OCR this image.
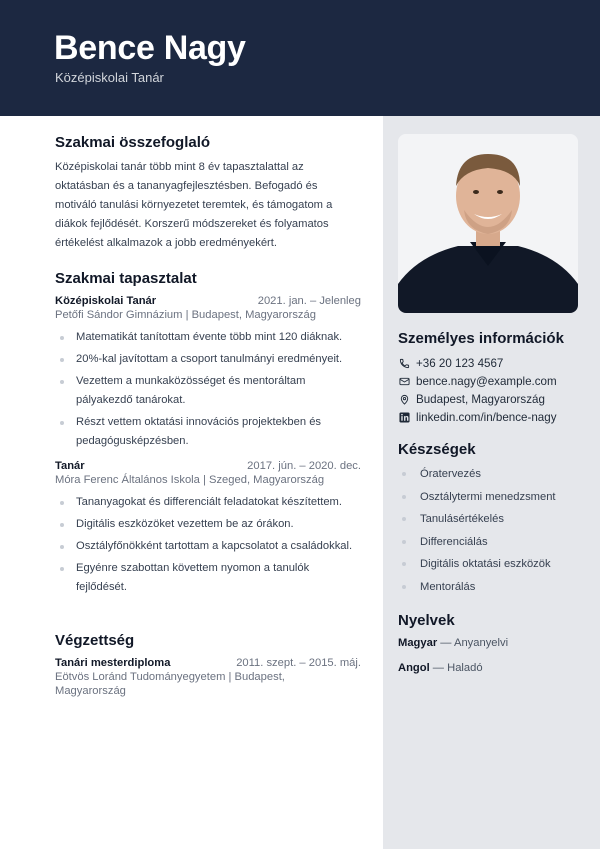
Bence Nagy
Középiskolai Tanár
Szakmai összefoglaló
Középiskolai tanár több mint 8 év tapasztalattal az oktatásban és a tananyagfejlesztésben. Befogadó és motiváló tanulási környezetet teremtek, és támogatom a diákok fejlődését. Korszerű módszereket és folyamatos értékelést alkalmazok a jobb eredményekért.
Szakmai tapasztalat
Középiskolai Tanár	2021. jan. – Jelenleg
Petőfi Sándor Gimnázium | Budapest, Magyarország
Matematikát tanítottam évente több mint 120 diáknak.
20%-kal javítottam a csoport tanulmányi eredményeit.
Vezettem a munkaközösséget és mentoráltam pályakezdő tanárokat.
Részt vettem oktatási innovációs projektekben és pedagógusképzésben.
Tanár	2017. jún. – 2020. dec.
Móra Ferenc Általános Iskola | Szeged, Magyarország
Tananyagokat és differenciált feladatokat készítettem.
Digitális eszközöket vezettem be az órákon.
Osztályfőnökként tartottam a kapcsolatot a családokkal.
Egyénre szabottan követtem nyomon a tanulók fejlődését.
Végzettség
Tanári mesterdiploma	2011. szept. – 2015. máj.
Eötvös Loránd Tudományegyetem | Budapest, Magyarország
Személyes információk
+36 20 123 4567
bence.nagy@example.com
Budapest, Magyarország
linkedin.com/in/bence-nagy
Készségek
Óratervezés
Osztálytermi menedzsment
Tanulásértékelés
Differenciálás
Digitális oktatási eszközök
Mentorálás
Nyelvek
Magyar — Anyanyelvi
Angol — Haladó
